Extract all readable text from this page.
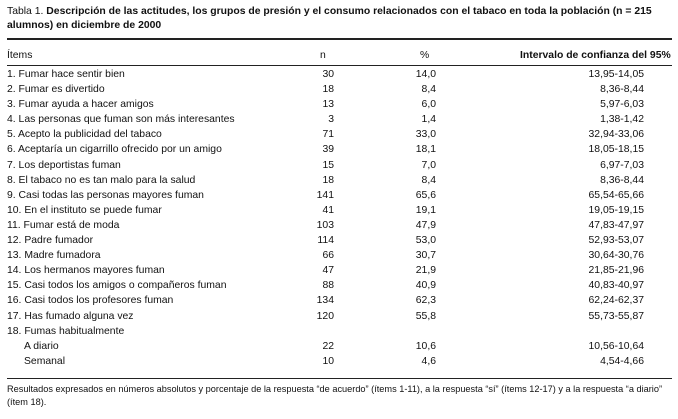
Tabla 1. Descripción de las actitudes, los grupos de presión y el consumo relacionados con el tabaco en toda la población (n = 215 alumnos) en diciembre de 2000
Ítems	n	%	Intervalo de confianza del 95%
1. Fumar hace sentir bien	30	14,0	13,95-14,05
2. Fumar es divertido	18	8,4	8,36-8,44
3. Fumar ayuda a hacer amigos	13	6,0	5,97-6,03
4. Las personas que fuman son más interesantes	3	1,4	1,38-1,42
5. Acepto la publicidad del tabaco	71	33,0	32,94-33,06
6. Aceptaría un cigarrillo ofrecido por un amigo	39	18,1	18,05-18,15
7. Los deportistas fuman	15	7,0	6,97-7,03
8. El tabaco no es tan malo para la salud	18	8,4	8,36-8,44
9. Casi todas las personas mayores fuman	141	65,6	65,54-65,66
10. En el instituto se puede fumar	41	19,1	19,05-19,15
11. Fumar está de moda	103	47,9	47,83-47,97
12. Padre fumador	114	53,0	52,93-53,07
13. Madre fumadora	66	30,7	30,64-30,76
14. Los hermanos mayores fuman	47	21,9	21,85-21,96
15. Casi todos los amigos o compañeros fuman	88	40,9	40,83-40,97
16. Casi todos los profesores fuman	134	62,3	62,24-62,37
17. Has fumado alguna vez	120	55,8	55,73-55,87
18. Fumas habitualmente
A diario	22	10,6	10,56-10,64
Semanal	10	4,6	4,54-4,66
Resultados expresados en números absolutos y porcentaje de la respuesta “de acuerdo” (ítems 1-11), a la respuesta “sí” (ítems 12-17) y a la respuesta “a diario” (ítem 18).
